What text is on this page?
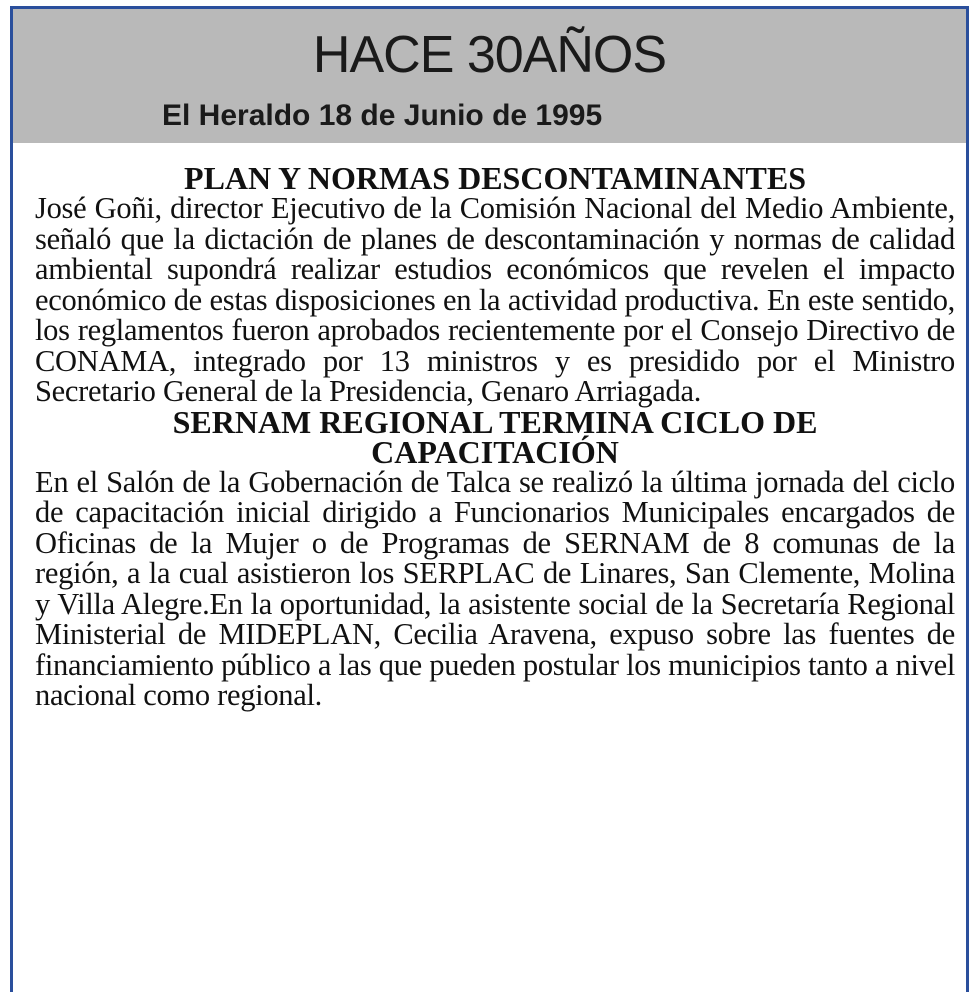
HACE 30AÑOS
El Heraldo 18 de Junio de 1995
PLAN Y NORMAS DESCONTAMINANTES

José Goñi, director Ejecutivo de la Comisión Nacional del Medio Ambiente, señaló que la dictación de planes de descontaminación y normas de calidad ambiental supondrá realizar estudios económicos que revelen el impacto económico de estas disposiciones en la actividad productiva. En este sentido, los reglamentos fueron aprobados recientemente por el Consejo Directivo de CONAMA, integrado por 13 ministros y es presidido por el Ministro Secretario General de la Presidencia, Genaro Arriagada.

SERNAM REGIONAL TERMINA CICLO DE CAPACITACIÓN

En el Salón de la Gobernación de Talca se realizó la última jornada del ciclo de capacitación inicial dirigido a Funcionarios Municipales encargados de Oficinas de la Mujer o de Programas de SERNAM de 8 comunas de la región, a la cual asistieron los SERPLAC de Linares, San Clemente, Molina y Villa Alegre.En la oportunidad, la asistente social de la Secretaría Regional Ministerial de MIDEPLAN, Cecilia Aravena, expuso sobre las fuentes de financiamiento público a las que pueden postular los municipios tanto a nivel nacional como regional.
